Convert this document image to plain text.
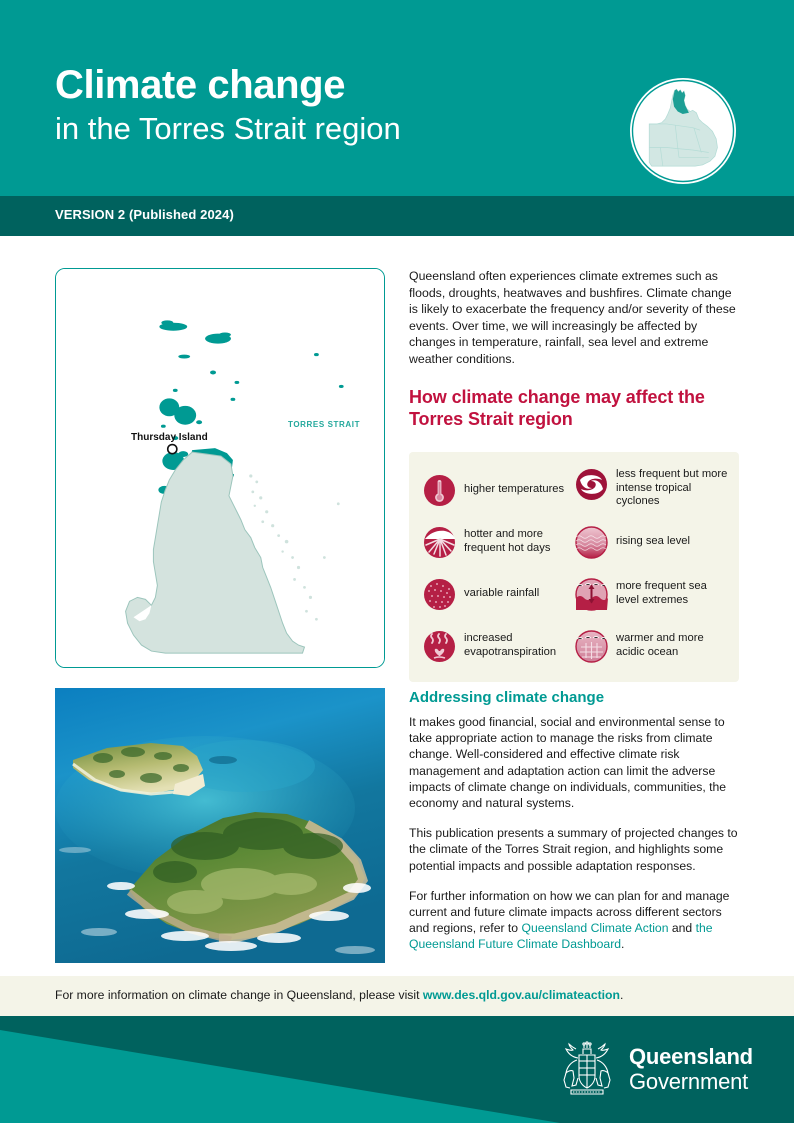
Climate change
in the Torres Strait region
VERSION 2 (Published 2024)
TORRES STRAIT
Thursday Island
Queensland often experiences climate extremes such as floods, droughts, heatwaves and bushfires. Climate change is likely to exacerbate the frequency and/or severity of these events. Over time, we will increasingly be affected by changes in temperature, rainfall, sea level and extreme weather conditions.
How climate change may affect the Torres Strait region
higher temperatures
less frequent but more intense tropical cyclones
hotter and more frequent hot days
rising sea level
variable rainfall
more frequent sea level extremes
increased evapotranspiration
warmer and more acidic ocean
Addressing climate change
It makes good financial, social and environmental sense to take appropriate action to manage the risks from climate change. Well-considered and effective climate risk management and adaptation action can limit the adverse impacts of climate change on individuals, communities, the economy and natural systems.
This publication presents a summary of projected changes to the climate of the Torres Strait region, and highlights some potential impacts and possible adaptation responses.
For further information on how we can plan for and manage current and future climate impacts across different sectors and regions, refer to Queensland Climate Action and the Queensland Future Climate Dashboard.
For more information on climate change in Queensland, please visit www.des.qld.gov.au/climateaction.
Queensland
Government
